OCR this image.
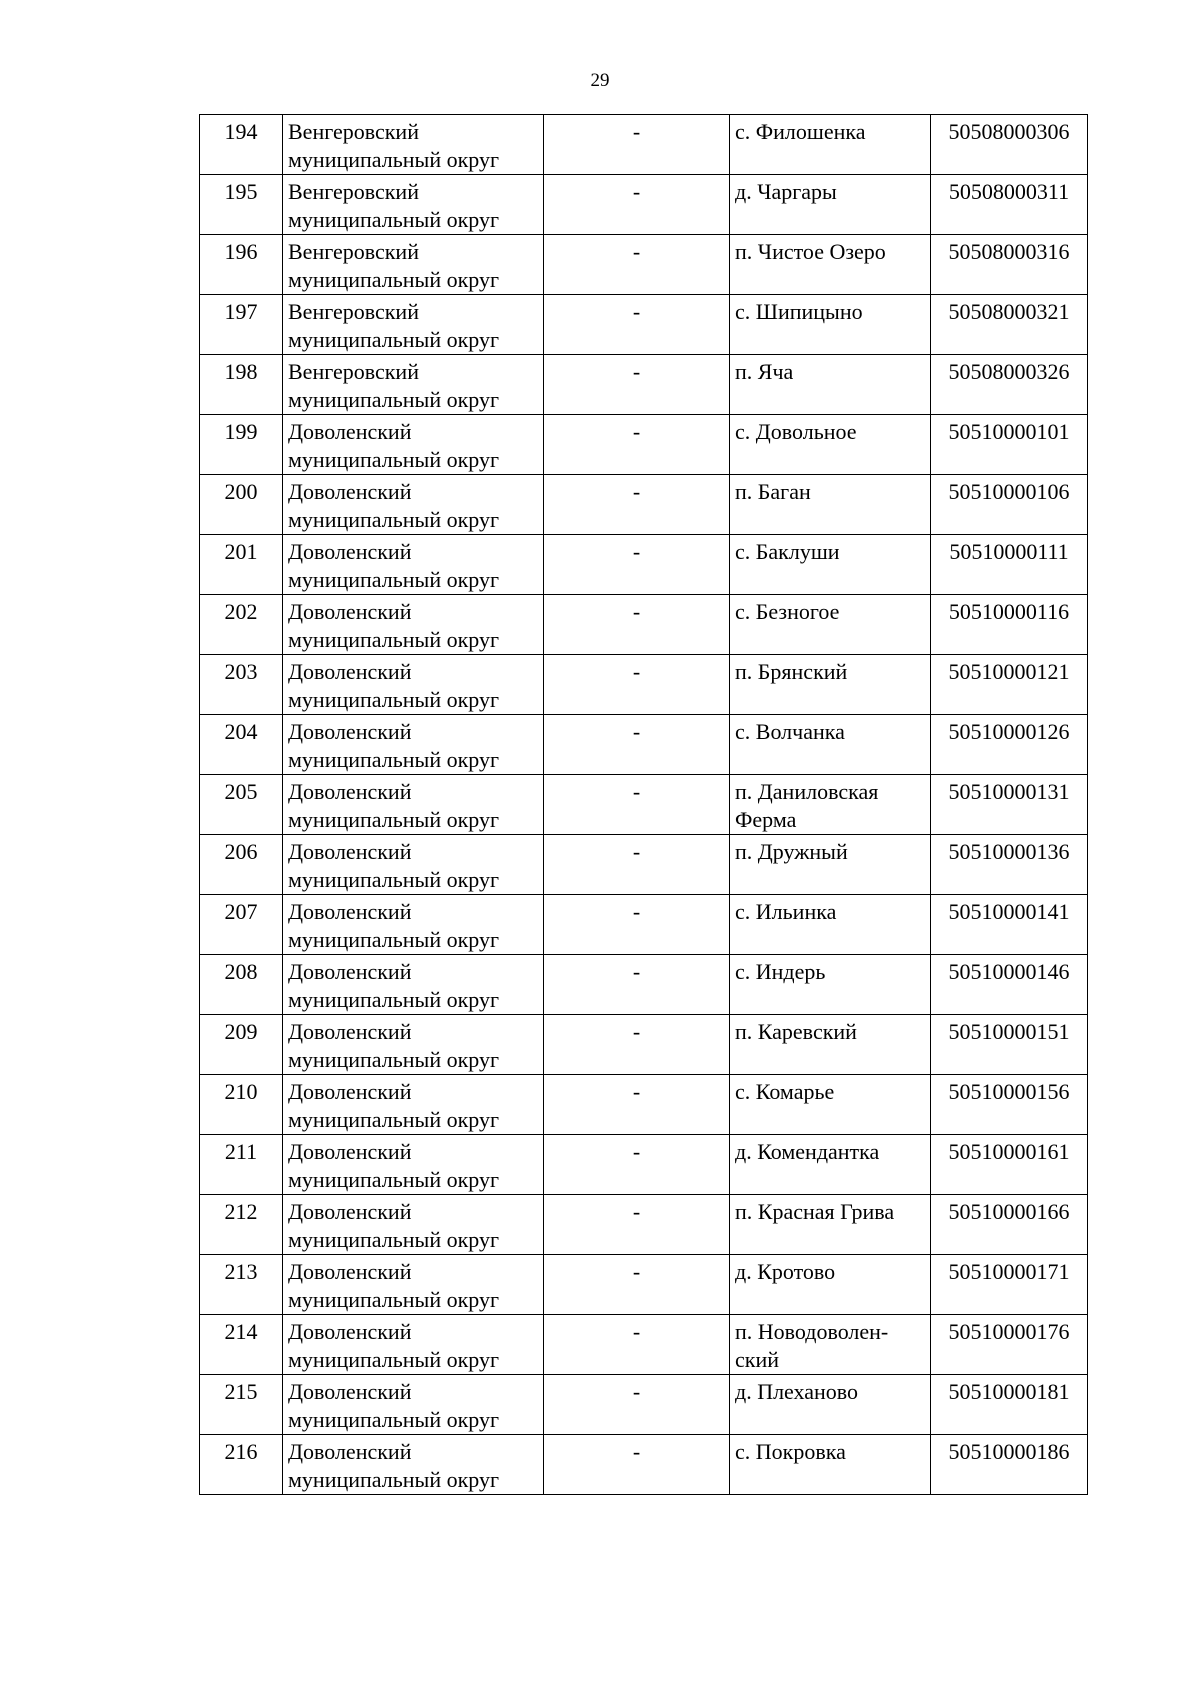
29
194	Венгеровский муниципальный округ	-	с. Филошенка	50508000306
195	Венгеровский муниципальный округ	-	д. Чаргары	50508000311
196	Венгеровский муниципальный округ	-	п. Чистое Озеро	50508000316
197	Венгеровский муниципальный округ	-	с. Шипицыно	50508000321
198	Венгеровский муниципальный округ	-	п. Яча	50508000326
199	Доволенский муниципальный округ	-	с. Довольное	50510000101
200	Доволенский муниципальный округ	-	п. Баган	50510000106
201	Доволенский муниципальный округ	-	с. Баклуши	50510000111
202	Доволенский муниципальный округ	-	с. Безногое	50510000116
203	Доволенский муниципальный округ	-	п. Брянский	50510000121
204	Доволенский муниципальный округ	-	с. Волчанка	50510000126
205	Доволенский муниципальный округ	-	п. Даниловская Ферма	50510000131
206	Доволенский муниципальный округ	-	п. Дружный	50510000136
207	Доволенский муниципальный округ	-	с. Ильинка	50510000141
208	Доволенский муниципальный округ	-	с. Индерь	50510000146
209	Доволенский муниципальный округ	-	п. Каревский	50510000151
210	Доволенский муниципальный округ	-	с. Комарье	50510000156
211	Доволенский муниципальный округ	-	д. Комендантка	50510000161
212	Доволенский муниципальный округ	-	п. Красная Грива	50510000166
213	Доволенский муниципальный округ	-	д. Кротово	50510000171
214	Доволенский муниципальный округ	-	п. Новодоволен-ский	50510000176
215	Доволенский муниципальный округ	-	д. Плеханово	50510000181
216	Доволенский муниципальный округ	-	с. Покровка	50510000186
